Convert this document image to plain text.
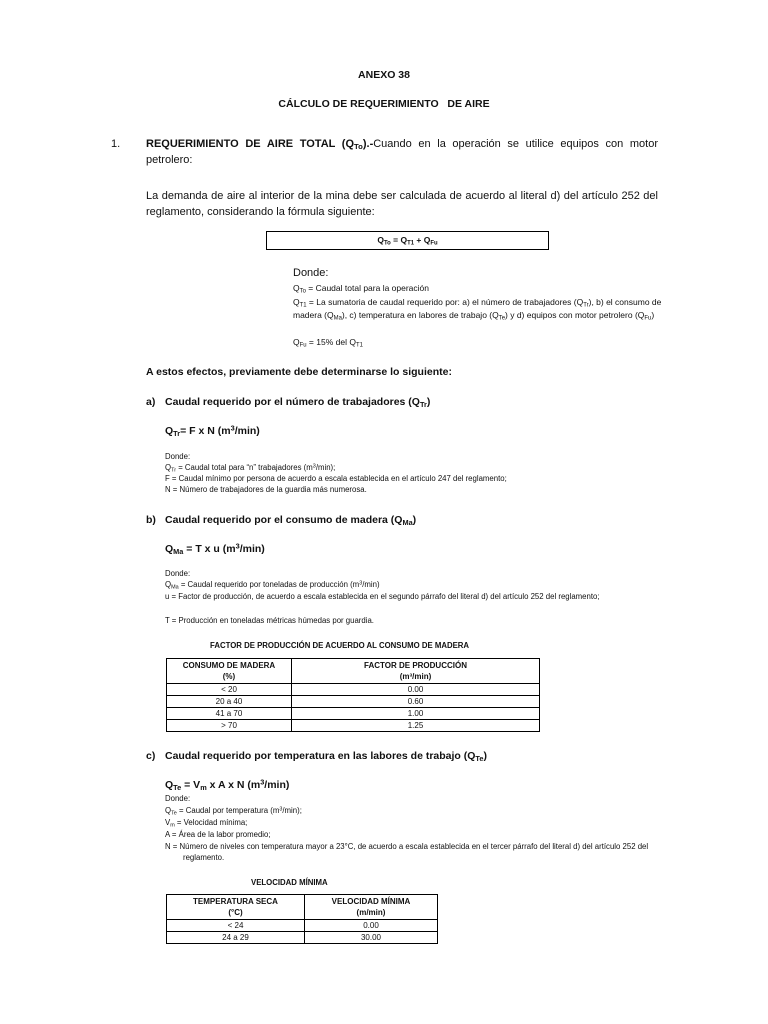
ANEXO 38
CÁLCULO DE REQUERIMIENTO   DE AIRE
1. REQUERIMIENTO DE AIRE TOTAL $(Q_{To})$.-Cuando en la operación se utilice equipos con motor petrolero:
La demanda de aire al interior de la mina debe ser calculada de acuerdo al literal d) del artículo 252 del reglamento, considerando la fórmula siguiente:
$Q_{To} = Q_{T1} + Q_{Fu}$
Donde:
$Q_{To}$ = Caudal total para la operación
$Q_{T1} = La$ sumatoria de caudal requerido por: a) el número de trabajadores $(Q_{Tr})$, b) el consumo de madera $(Q_{Ma})$, c) temperatura en labores de trabajo $(Q_{Te})$ y d) equipos con motor petrolero $(Q_{Fu})$
$Q_{Fu} = 15\%$ del $Q_{T1}$
A estos efectos, previamente debe determinarse lo siguiente:
a) Caudal requerido por el número de trabajadores $(Q_{Tr})$
$Q_{Tr}= F$ x N $(m^3/\min)$
Donde:
$Q_{Tr}$ = Caudal total para “n” trabajadores $(m^3/\min)$;
F = Caudal mínimo por persona de acuerdo a escala establecida en el artículo 247 del reglamento;
N = Número de trabajadores de la guardia más numerosa.
b) Caudal requerido por el consumo de madera $(Q_{Ma})$
$Q_{Ma} = T$ x u $(m^3/\min)$
Donde:
$Q_{Ma}$ = Caudal requerido por toneladas de producción $(m^3/\min)$
u = Factor de producción, de acuerdo a escala establecida en el segundo párrafo del literal d) del artículo 252 del reglamento;
T = Producción en toneladas métricas húmedas por guardia.
FACTOR DE PRODUCCIÓN DE ACUERDO AL CONSUMO DE MADERA
CONSUMO DE MADERA
(%)	FACTOR DE PRODUCCIÓN
(m³/min)
< 20	0.00
20 a 40	0.60
41 a 70	1.00
> 70	1.25
c) Caudal requerido por temperatura en las labores de trabajo $(Q_{Te})$
$Q_{Te} = V_m$ x A x N $(m^3/\min)$
Donde:
$Q_{Te}$ = Caudal por temperatura $(m^3/\min)$;
$V_m$ = Velocidad mínima;
A = Área de la labor promedio;
N = Número de niveles con temperatura mayor a 23°C, de acuerdo a escala establecida en el tercer párrafo del literal d) del artículo 252 del reglamento.
VELOCIDAD MÍNIMA
TEMPERATURA SECA
(°C)	VELOCIDAD MÍNIMA
(m/min)
< 24	0.00
24 a 29	30.00
